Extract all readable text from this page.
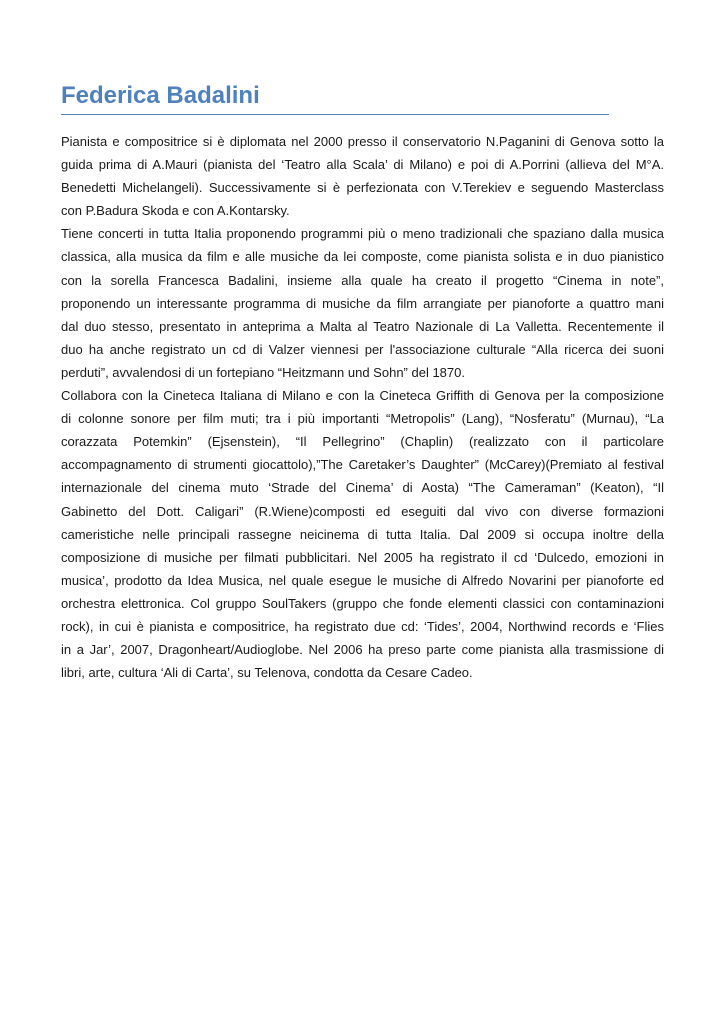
Federica Badalini
Pianista e compositrice si è diplomata nel 2000 presso il conservatorio N.Paganini di Genova sotto la
guida prima di A.Mauri (pianista del ‘Teatro alla Scala’ di Milano) e poi di A.Porrini (allieva del M°A.
Benedetti Michelangeli). Successivamente si è perfezionata con V.Terekiev e seguendo Masterclass
con P.Badura Skoda e con A.Kontarsky.
Tiene concerti in tutta Italia proponendo programmi più o meno tradizionali che spaziano dalla musica
classica, alla musica da film e alle musiche da lei composte, come pianista solista e in duo pianistico
con la sorella Francesca Badalini, insieme alla quale ha creato il progetto “Cinema in note”,
proponendo un interessante programma di musiche da film arrangiate per pianoforte a quattro mani
dal duo stesso, presentato in anteprima a Malta al Teatro Nazionale di La Valletta. Recentemente il
duo ha anche registrato un cd di Valzer viennesi per l'associazione culturale “Alla ricerca dei suoni
perduti”, avvalendosi di un fortepiano “Heitzmann und Sohn” del 1870.
Collabora con la Cineteca Italiana di Milano e con la Cineteca Griffith di Genova per la composizione
di colonne sonore per film muti; tra i più importanti “Metropolis” (Lang), “Nosferatu” (Murnau), “La
corazzata Potemkin” (Ejsenstein), “Il Pellegrino” (Chaplin) (realizzato con il particolare
accompagnamento di strumenti giocattolo),”The Caretaker’s Daughter” (McCarey)(Premiato al festival
internazionale del cinema muto ‘Strade del Cinema’ di Aosta) “The Cameraman” (Keaton), “Il
Gabinetto del Dott. Caligari” (R.Wiene)composti ed eseguiti dal vivo con diverse formazioni
cameristiche nelle principali rassegne neicinema di tutta Italia. Dal 2009 si occupa inoltre della
composizione di musiche per filmati pubblicitari. Nel 2005 ha registrato il cd ‘Dulcedo, emozioni in
musica’, prodotto da Idea Musica, nel quale esegue le musiche di Alfredo Novarini per pianoforte ed
orchestra elettronica. Col gruppo SoulTakers (gruppo che fonde elementi classici con contaminazioni
rock), in cui è pianista e compositrice, ha registrato due cd: ‘Tides’, 2004, Northwind records e ‘Flies
in a Jar’, 2007, Dragonheart/Audioglobe. Nel 2006 ha preso parte come pianista alla trasmissione di
libri, arte, cultura ‘Ali di Carta’, su Telenova, condotta da Cesare Cadeo.
